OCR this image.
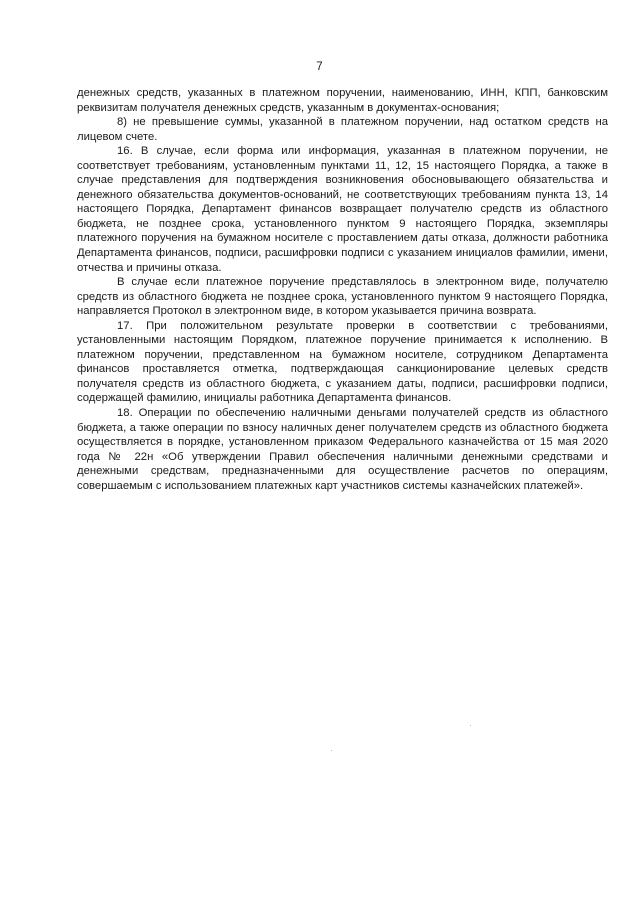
7

денежных средств, указанных в платежном поручении, наименованию, ИНН, КПП, банковским реквизитам получателя денежных средств, указанным в документах-основания;

8) не превышение суммы, указанной в платежном поручении, над остатком средств на лицевом счете.

16. В случае, если форма или информация, указанная в платежном поручении, не соответствует требованиям, установленным пунктами 11, 12, 15 настоящего Порядка, а также в случае представления для подтверждения возникновения обосновывающего обязательства и денежного обязательства документов-оснований, не соответствующих требованиям пункта 13, 14 настоящего Порядка, Департамент финансов возвращает получателю средств из областного бюджета, не позднее срока, установленного пунктом 9 настоящего Порядка, экземпляры платежного поручения на бумажном носителе с проставлением даты отказа, должности работника Департамента финансов, подписи, расшифровки подписи с указанием инициалов фамилии, имени, отчества и причины отказа.

В случае если платежное поручение представлялось в электронном виде, получателю средств из областного бюджета не позднее срока, установленного пунктом 9 настоящего Порядка, направляется Протокол в электронном виде, в котором указывается причина возврата.

17. При положительном результате проверки в соответствии с требованиями, установленными настоящим Порядком, платежное поручение принимается к исполнению. В платежном поручении, представленном на бумажном носителе, сотрудником Департамента финансов проставляется отметка, подтверждающая санкционирование целевых средств получателя средств из областного бюджета, с указанием даты, подписи, расшифровки подписи, содержащей фамилию, инициалы работника Департамента финансов.

18. Операции по обеспечению наличными деньгами получателей средств из областного бюджета, а также операции по взносу наличных денег получателем средств из областного бюджета осуществляется в порядке, установленном приказом Федерального казначейства от 15 мая 2020 года № 22н «Об утверждении Правил обеспечения наличными денежными средствами и денежными средствам, предназначенными для осуществление расчетов по операциям, совершаемым с использованием платежных карт участников системы казначейских платежей».
